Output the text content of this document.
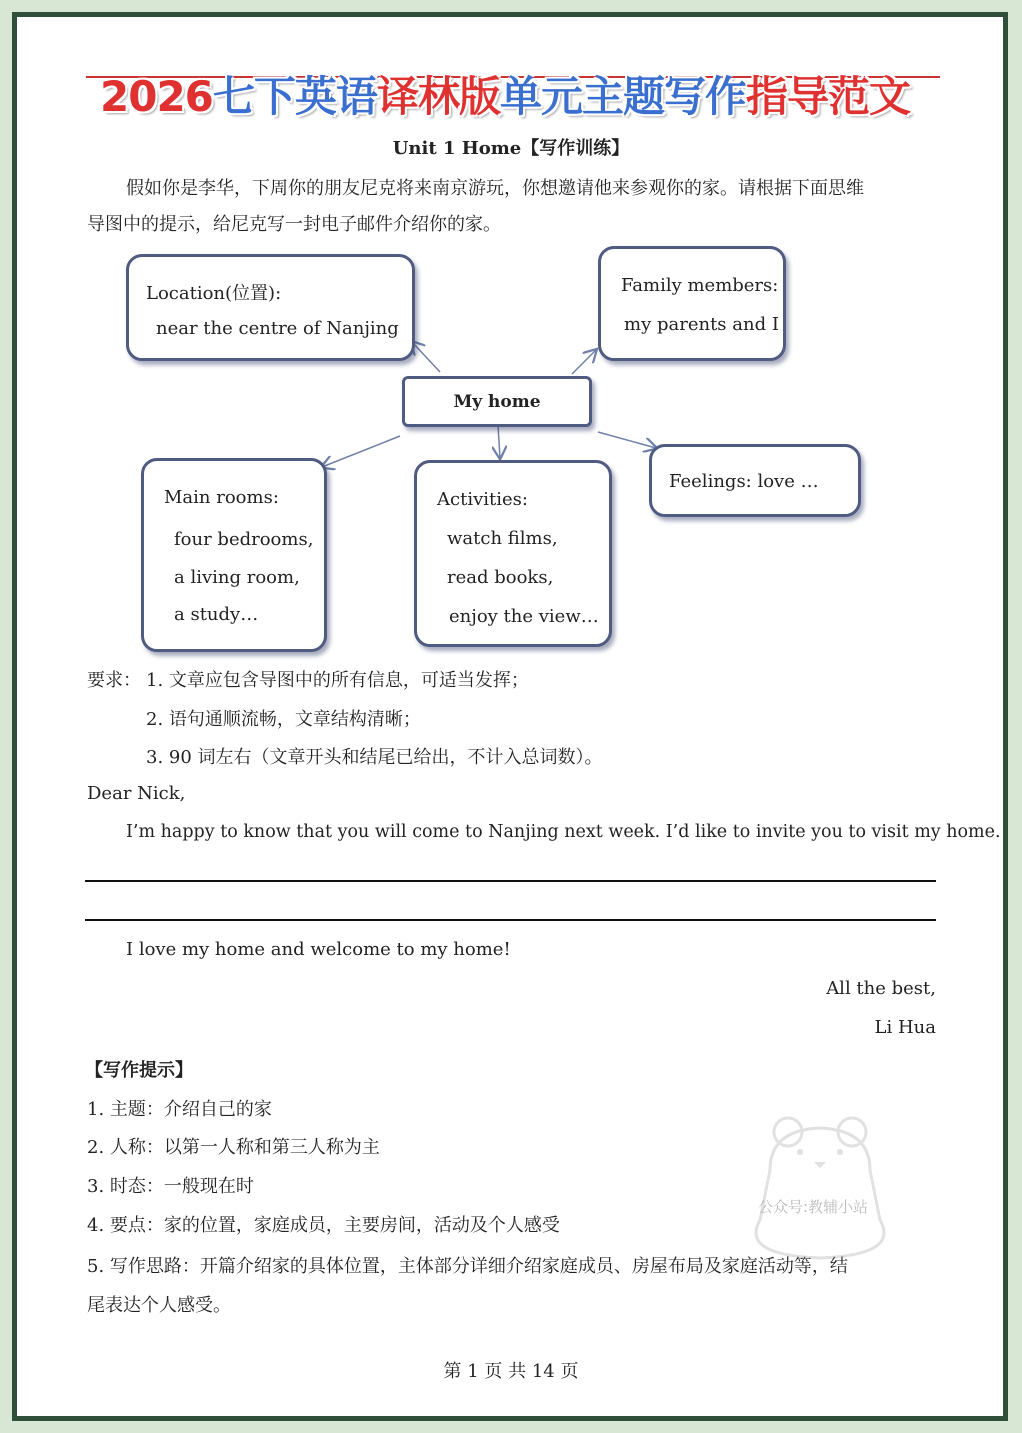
2026七下英语译林版单元主题写作指导范文
Unit 1 Home【写作训练】
假如你是李华，下周你的朋友尼克将来南京游玩，你想邀请他来参观你的家。请根据下面思维
导图中的提示，给尼克写一封电子邮件介绍你的家。
Location(位置):
near the centre of Nanjing
Family members:
my parents and I
My home
Main rooms:
four bedrooms,
a living room,
a study…
Activities:
watch films,
read books,
enjoy the view…
Feelings: love …
要求： 1. 文章应包含导图中的所有信息，可适当发挥；
2. 语句通顺流畅，文章结构清晰；
3. 90 词左右（文章开头和结尾已给出，不计入总词数）。
Dear Nick,
I’m happy to know that you will come to Nanjing next week. I’d like to invite you to visit my home.
I love my home and welcome to my home!
All the best,
Li Hua
【写作提示】
1. 主题：介绍自己的家
2. 人称：以第一人称和第三人称为主
3. 时态：一般现在时
4. 要点：家的位置，家庭成员，主要房间，活动及个人感受
5. 写作思路：开篇介绍家的具体位置，主体部分详细介绍家庭成员、房屋布局及家庭活动等，结
尾表达个人感受。
公众号:教辅小站
第 1 页 共 14 页
